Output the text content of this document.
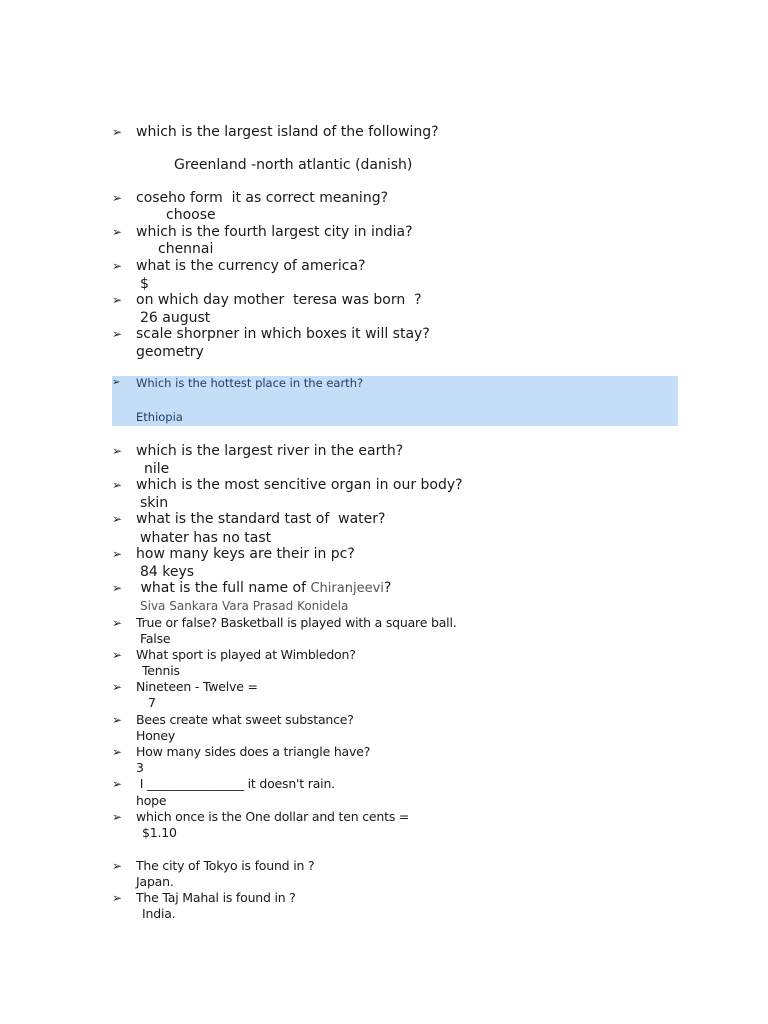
➢ which is the largest island of the following?
Greenland -north atlantic (danish)
➢ coseho form  it as correct meaning?
choose
➢ which is the fourth largest city in india?
chennai
➢ what is the currency of america?
$
➢ on which day mother  teresa was born  ?
26 august
➢ scale shorpner in which boxes it will stay?
geometry
➢ Which is the hottest place in the earth?
Ethiopia
➢ which is the largest river in the earth?
nile
➢ which is the most sencitive organ in our body?
skin
➢ what is the standard tast of  water?
whater has no tast
➢ how many keys are their in pc?
84 keys
➢ what is the full name of Chiranjeevi?
Siva Sankara Vara Prasad Konidela
➢ True or false? Basketball is played with a square ball.
False
➢ What sport is played at Wimbledon?
Tennis
➢ Nineteen - Twelve =
7
➢ Bees create what sweet substance?
Honey
➢ How many sides does a triangle have?
3
➢ I ________________ it doesn't rain.
hope
➢ which once is the One dollar and ten cents =
$1.10
➢ The city of Tokyo is found in ?
Japan.
➢ The Taj Mahal is found in ?
India.
